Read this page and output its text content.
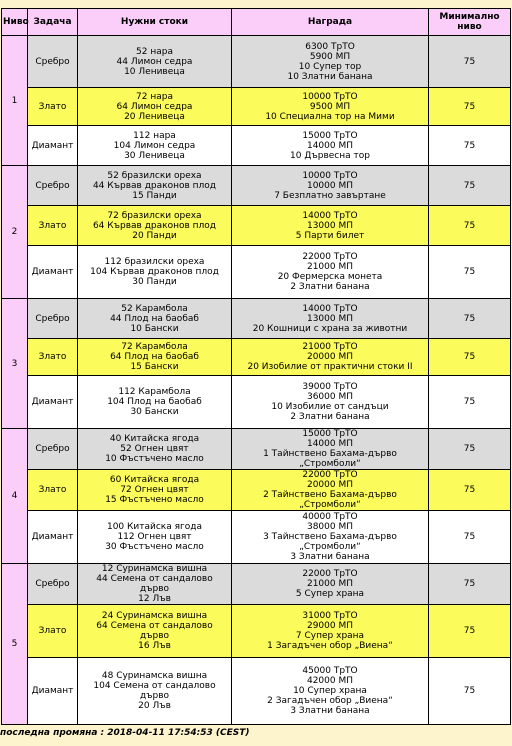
Ниво	Задача	Нужни стоки	Награда	Минимално ниво
1	Сребро	52 нара
44 Лимон седра
10 Ленивеца	6300 ТрТО
5900 МП
10 Супер тор
10 Златни банана	75
	Злато	72 нара
64 Лимон седра
20 Ленивеца	10000 ТрТО
9500 МП
10 Специална тор на Мими	75
	Диамант	112 нара
104 Лимон седра
30 Ленивеца	15000 ТрТО
14000 МП
10 Дървесна тор	75
2	Сребро	52 бразилски ореха
44 Кървав драконов плод
15 Панди	10000 ТрТО
10000 МП
7 Безплатно завъртане	75
	Злато	72 бразилски ореха
64 Кървав драконов плод
20 Панди	14000 ТрТО
13000 МП
5 Парти билет	75
	Диамант	112 бразилски ореха
104 Кървав драконов плод
30 Панди	22000 ТрТО
21000 МП
20 Фермерска монета
2 Златни банана	75
3	Сребро	52 Карамбола
44 Плод на баобаб
10 Бански	14000 ТрТО
13000 МП
20 Кошници с храна за животни	75
	Злато	72 Карамбола
64 Плод на баобаб
15 Бански	21000 ТрТО
20000 МП
20 Изобилие от практични стоки II	75
	Диамант	112 Карамбола
104 Плод на баобаб
30 Бански	39000 ТрТО
36000 МП
10 Изобилие от сандъци
2 Златни банана	75
4	Сребро	40 Китайска ягода
52 Огнен цвят
10 Фъстъчено масло	15000 ТрТО
14000 МП
1 Тайнствено Бахама-дърво
„Стромболи“	75
	Злато	60 Китайска ягода
72 Огнен цвят
15 Фъстъчено масло	22000 ТрТО
20000 МП
2 Тайнствено Бахама-дърво
„Стромболи“	75
	Диамант	100 Китайска ягода
112 Огнен цвят
30 Фъстъчено масло	40000 ТрТО
38000 МП
3 Тайнствено Бахама-дърво
„Стромболи“
3 Златни банана	75
5	Сребро	12 Суринамска вишна
44 Семена от сандалово
дърво
12 Лъв	22000 ТрТО
21000 МП
5 Супер храна	75
	Злато	24 Суринамска вишна
64 Семена от сандалово
дърво
16 Лъв	31000 ТрТО
29000 МП
7 Супер храна
1 Загадъчен обор „Виена“	75
	Диамант	48 Суринамска вишна
104 Семена от сандалово
дърво
20 Лъв	45000 ТрТО
42000 МП
10 Супер храна
2 Загадъчен обор „Виена“
3 Златни банана	75
последна промяна : 2018-04-11 17:54:53 (CEST)
